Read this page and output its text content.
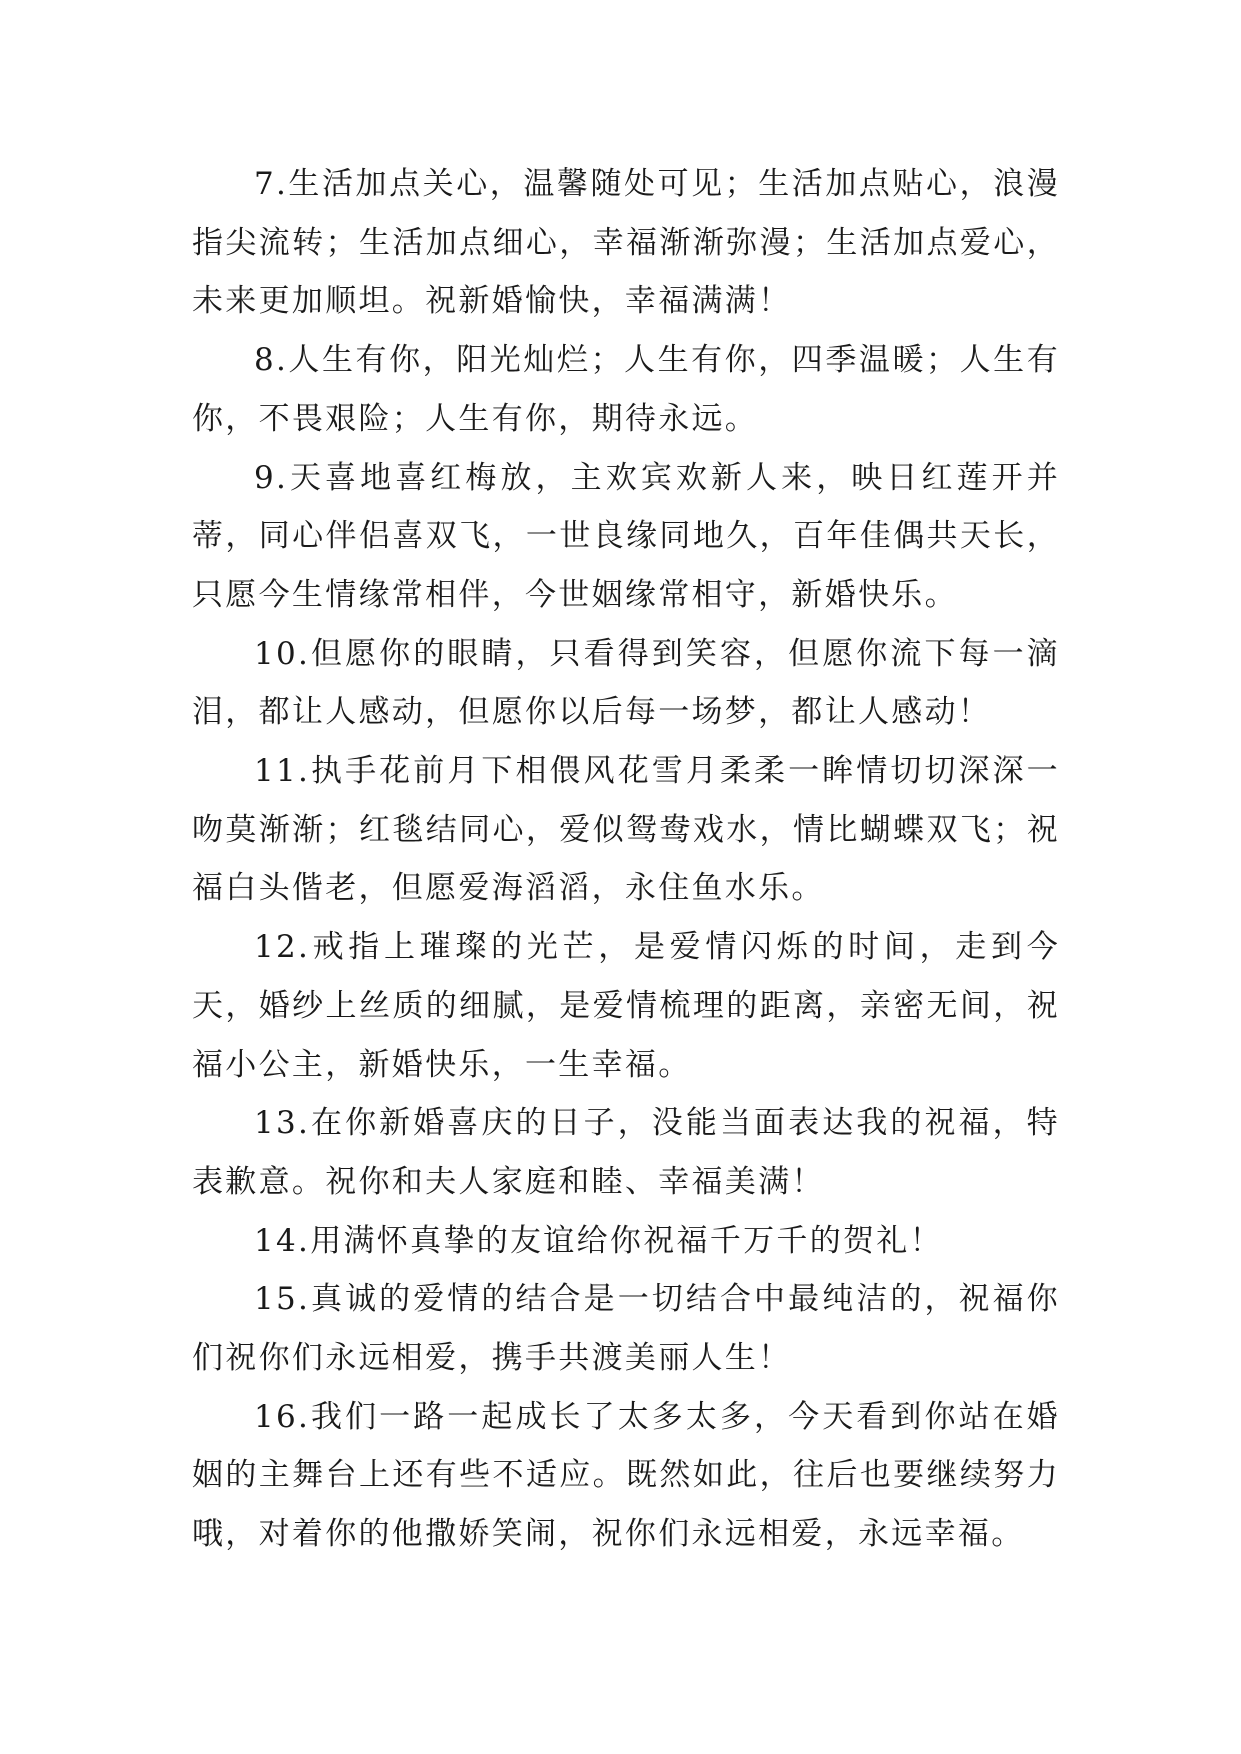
7.生活加点关心，温馨随处可见；生活加点贴心，浪漫指尖流转；生活加点细心，幸福渐渐弥漫；生活加点爱心，未来更加顺坦。祝新婚愉快，幸福满满！

8.人生有你，阳光灿烂；人生有你，四季温暖；人生有你，不畏艰险；人生有你，期待永远。

9.天喜地喜红梅放，主欢宾欢新人来，映日红莲开并蒂，同心伴侣喜双飞，一世良缘同地久，百年佳偶共天长，只愿今生情缘常相伴，今世姻缘常相守，新婚快乐。

10.但愿你的眼睛，只看得到笑容，但愿你流下每一滴泪，都让人感动，但愿你以后每一场梦，都让人感动！

11.执手花前月下相偎风花雪月柔柔一眸情切切深深一吻莫渐渐；红毯结同心，爱似鸳鸯戏水，情比蝴蝶双飞；祝福白头偕老，但愿爱海滔滔，永住鱼水乐。

12.戒指上璀璨的光芒，是爱情闪烁的时间，走到今天，婚纱上丝质的细腻，是爱情梳理的距离，亲密无间，祝福小公主，新婚快乐，一生幸福。

13.在你新婚喜庆的日子，没能当面表达我的祝福，特表歉意。祝你和夫人家庭和睦、幸福美满！

14.用满怀真挚的友谊给你祝福千万千的贺礼！

15.真诚的爱情的结合是一切结合中最纯洁的，祝福你们祝你们永远相爱，携手共渡美丽人生！

16.我们一路一起成长了太多太多，今天看到你站在婚姻的主舞台上还有些不适应。既然如此，往后也要继续努力哦，对着你的他撒娇笑闹，祝你们永远相爱，永远幸福。
